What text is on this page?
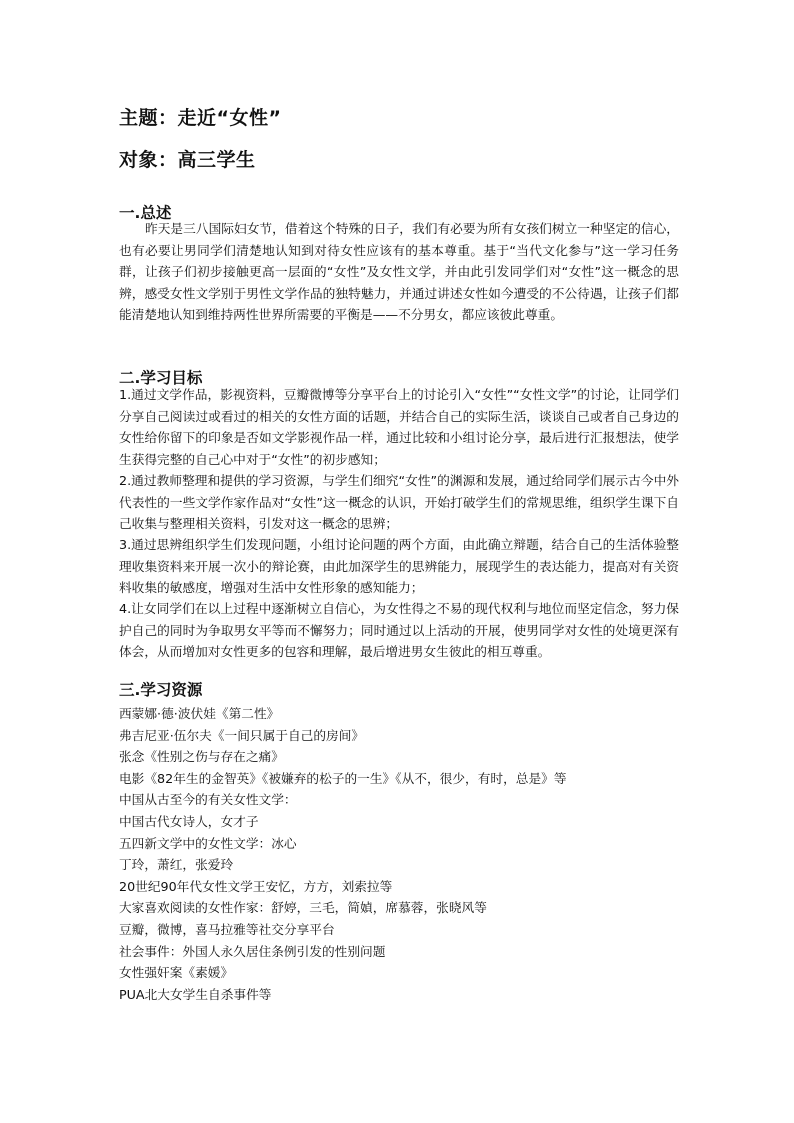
主题：走近“女性”
对象：高三学生
一.总述
昨天是三八国际妇女节，借着这个特殊的日子，我们有必要为所有女孩们树立一种坚定的信心，也有必要让男同学们清楚地认知到对待女性应该有的基本尊重。基于“当代文化参与”这一学习任务群，让孩子们初步接触更高一层面的“女性”及女性文学，并由此引发同学们对“女性”这一概念的思辨，感受女性文学别于男性文学作品的独特魅力，并通过讲述女性如今遭受的不公待遇，让孩子们都能清楚地认知到维持两性世界所需要的平衡是——不分男女，都应该彼此尊重。
二.学习目标
1.通过文学作品，影视资料，豆瓣微博等分享平台上的讨论引入“女性”“女性文学”的讨论，让同学们分享自己阅读过或看过的相关的女性方面的话题，并结合自己的实际生活，谈谈自己或者自己身边的女性给你留下的印象是否如文学影视作品一样，通过比较和小组讨论分享，最后进行汇报想法，使学生获得完整的自己心中对于“女性”的初步感知；
2.通过教师整理和提供的学习资源，与学生们细究“女性”的渊源和发展，通过给同学们展示古今中外代表性的一些文学作家作品对“女性”这一概念的认识，开始打破学生们的常规思维，组织学生课下自己收集与整理相关资料，引发对这一概念的思辨；
3.通过思辨组织学生们发现问题，小组讨论问题的两个方面，由此确立辩题，结合自己的生活体验整理收集资料来开展一次小的辩论赛，由此加深学生的思辨能力，展现学生的表达能力，提高对有关资料收集的敏感度，增强对生活中女性形象的感知能力；
4.让女同学们在以上过程中逐渐树立自信心，为女性得之不易的现代权利与地位而坚定信念，努力保护自己的同时为争取男女平等而不懈努力；同时通过以上活动的开展，使男同学对女性的处境更深有体会，从而增加对女性更多的包容和理解，最后增进男女生彼此的相互尊重。
三.学习资源
西蒙娜·德·波伏娃《第二性》
弗吉尼亚·伍尔夫《一间只属于自己的房间》
张念《性别之伤与存在之痛》
电影《82年生的金智英》《被嫌弃的松子的一生》《从不，很少，有时，总是》等
中国从古至今的有关女性文学：
中国古代女诗人，女才子
五四新文学中的女性文学：冰心
丁玲，萧红，张爱玲
20世纪90年代女性文学王安忆，方方，刘索拉等
大家喜欢阅读的女性作家：舒婷，三毛，简媜，席慕蓉，张晓风等
豆瓣，微博，喜马拉雅等社交分享平台
社会事件：外国人永久居住条例引发的性别问题
女性强奸案《素媛》
PUA北大女学生自杀事件等
